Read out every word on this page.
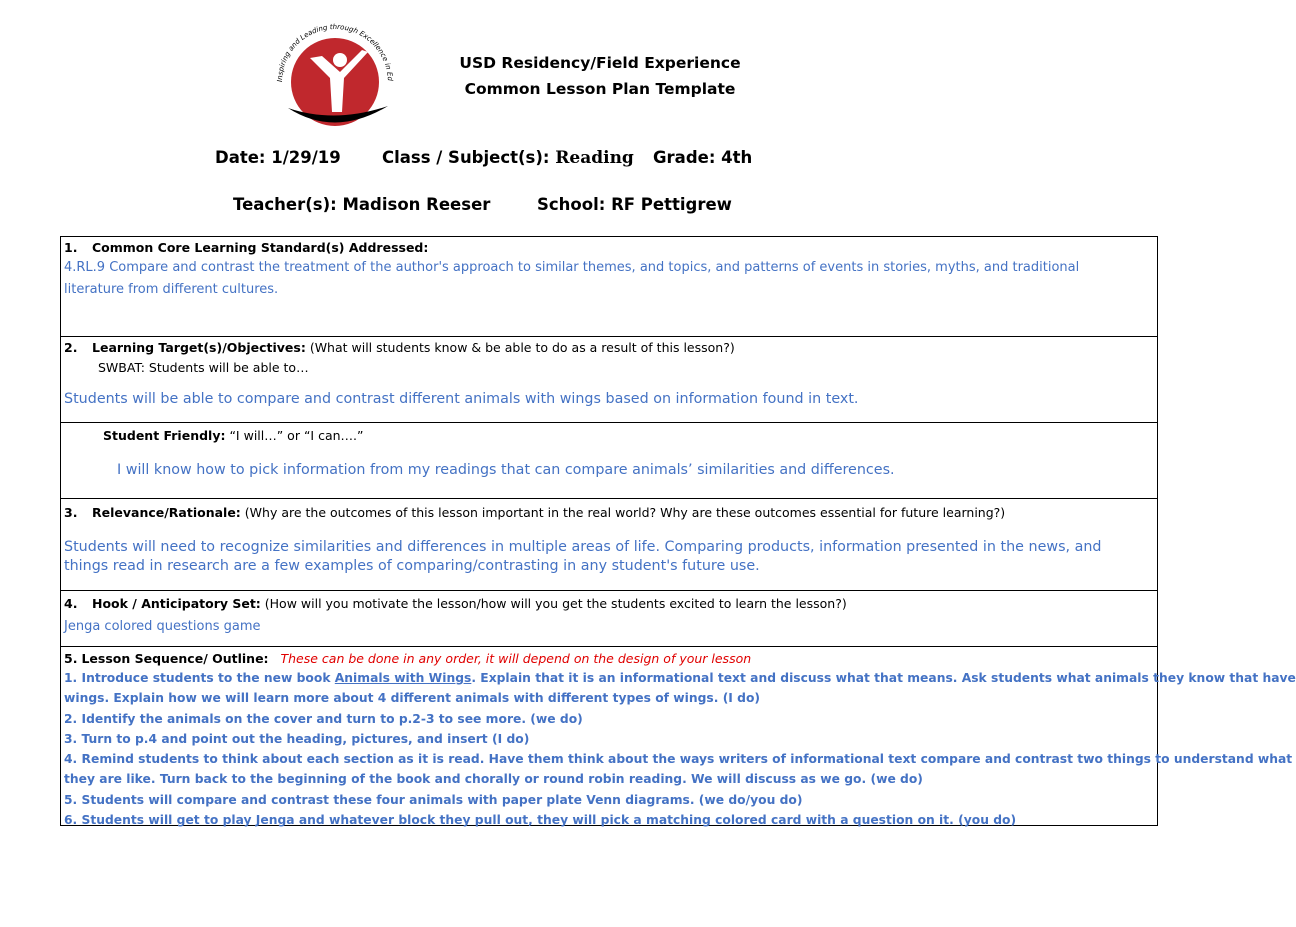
Inspiring and Leading through Excellence in Ed
USD Residency/Field Experience
Common Lesson Plan Template
Date: 1/29/19	Class / Subject(s): Reading Grade: 4th
Teacher(s): Madison Reeser	School: RF Pettigrew
1. Common Core Learning Standard(s) Addressed:
4.RL.9 Compare and contrast the treatment of the author's approach to similar themes, and topics, and patterns of events in stories, myths, and traditional
literature from different cultures.
2. Learning Target(s)/Objectives: (What will students know & be able to do as a result of this lesson?)
SWBAT: Students will be able to…
Students will be able to compare and contrast different animals with wings based on information found in text.
Student Friendly: “I will…” or “I can….”
I will know how to pick information from my readings that can compare animals’ similarities and differences.
3. Relevance/Rationale: (Why are the outcomes of this lesson important in the real world? Why are these outcomes essential for future learning?)
Students will need to recognize similarities and differences in multiple areas of life. Comparing products, information presented in the news, and
things read in research are a few examples of comparing/contrasting in any student's future use.
4. Hook / Anticipatory Set: (How will you motivate the lesson/how will you get the students excited to learn the lesson?)
Jenga colored questions game
5. Lesson Sequence/ Outline: These can be done in any order, it will depend on the design of your lesson
1. Introduce students to the new book Animals with Wings. Explain that it is an informational text and discuss what that means. Ask students what animals they know that have
wings. Explain how we will learn more about 4 different animals with different types of wings. (I do)
2. Identify the animals on the cover and turn to p.2-3 to see more. (we do)
3. Turn to p.4 and point out the heading, pictures, and insert (I do)
4. Remind students to think about each section as it is read. Have them think about the ways writers of informational text compare and contrast two things to understand what
they are like. Turn back to the beginning of the book and chorally or round robin reading. We will discuss as we go. (we do)
5. Students will compare and contrast these four animals with paper plate Venn diagrams. (we do/you do)
6. Students will get to play Jenga and whatever block they pull out, they will pick a matching colored card with a question on it. (you do)
